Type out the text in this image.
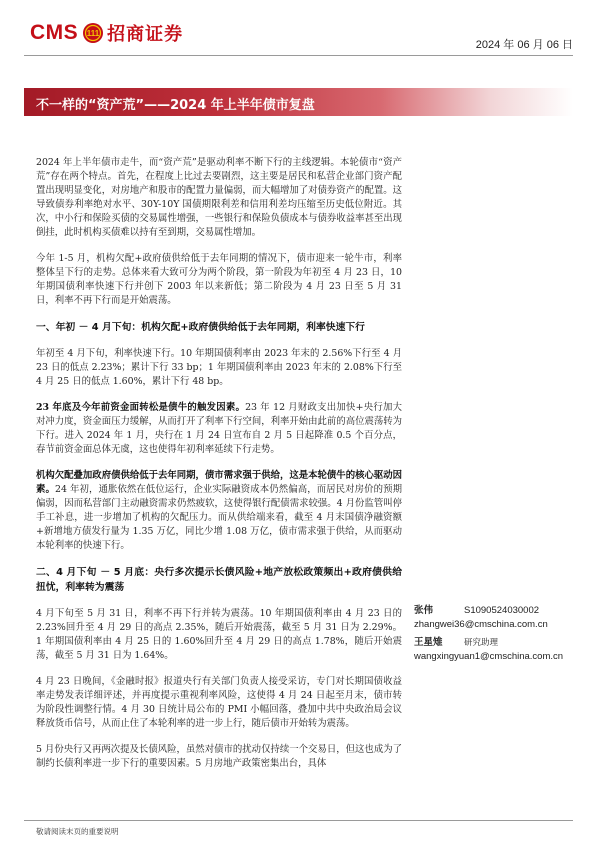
CMS 111 招商证券	2024 年 06 月 06 日
不一样的“资产荒”——2024 年上半年债市复盘

2024 年上半年债市走牛，而“资产荒”是驱动利率不断下行的主线逻辑。本轮债市“资产荒”存在两个特点。首先，在程度上比过去要剧烈，这主要是居民和私营企业部门资产配置出现明显变化，对房地产和股市的配置力量偏弱，而大幅增加了对债券资产的配置。这导致债券利率绝对水平、30Y-10Y 国债期限利差和信用利差均压缩至历史低位附近。其次，中小行和保险买债的交易属性增强，一些银行和保险负债成本与债券收益率甚至出现倒挂，此时机构买债难以持有至到期，交易属性增加。

今年 1-5 月，机构欠配+政府债供给低于去年同期的情况下，债市迎来一轮牛市，利率整体呈下行的走势。总体来看大致可分为两个阶段，第一阶段为年初至 4 月 23 日，10 年期国债利率快速下行并创下 2003 年以来新低；第二阶段为 4 月 23 日至 5 月 31 日，利率不再下行而是开始震荡。

一、年初 － 4 月下旬：机构欠配+政府债供给低于去年同期，利率快速下行

年初至 4 月下旬，利率快速下行。10 年期国债利率由 2023 年末的 2.56%下行至 4 月 23 日的低点 2.23%；累计下行 33 bp；1 年期国债利率由 2023 年末的 2.08%下行至 4 月 25 日的低点 1.60%，累计下行 48 bp。

23 年底及今年前资金面转松是债牛的触发因素。23 年 12 月财政支出加快+央行加大对冲力度，资金面压力缓解，从而打开了利率下行空间，利率开始由此前的高位震荡转为下行。进入 2024 年 1 月，央行在 1 月 24 日宣布自 2 月 5 日起降准 0.5 个百分点，春节前资金面总体无虞，这也使得年初利率延续下行走势。

机构欠配叠加政府债供给低于去年同期，债市需求强于供给，这是本轮债牛的核心驱动因素。24 年初，通胀依然在低位运行，企业实际融资成本仍然偏高，而居民对房价的预期偏弱，因而私营部门主动融资需求仍然疲软，这使得银行配债需求较强。4 月份监管叫停手工补息，进一步增加了机构的欠配压力。而从供给端来看，截至 4 月末国债净融资额+新增地方债发行量为 1.35 万亿，同比少增 1.08 万亿，债市需求强于供给，从而驱动本轮利率的快速下行。

二、4 月下旬 － 5 月底：央行多次提示长债风险+地产放松政策频出+政府债供给扭忧，利率转为震荡

4 月下旬至 5 月 31 日，利率不再下行并转为震荡。10 年期国债利率由 4 月 23 日的 2.23%回升至 4 月 29 日的高点 2.35%，随后开始震荡，截至 5 月 31 日为 2.29%。1 年期国债利率由 4 月 25 日的 1.60%回升至 4 月 29 日的高点 1.78%，随后开始震荡，截至 5 月 31 日为 1.64%。

4 月 23 日晚间，《金融时报》报道央行有关部门负责人接受采访，专门对长期国债收益率走势发表详细评述，并再度提示重视利率风险，这使得 4 月 24 日起至月末，债市转为阶段性调整行情。4 月 30 日统计局公布的 PMI 小幅回落，叠加中共中央政治局会议释放货币信号，从而止住了本轮利率的进一步上行，随后债市开始转为震荡。

5 月份央行又再两次提及长债风险，虽然对债市的扰动仅持续一个交易日，但这也成为了制约长债利率进一步下行的重要因素。5 月房地产政策密集出台，具体

张伟	S1090524030002
zhangwei36@cmschina.com.cn
王星雉	研究助理
wangxingyuan1@cmschina.com.cn
敬请阅读末页的重要说明
